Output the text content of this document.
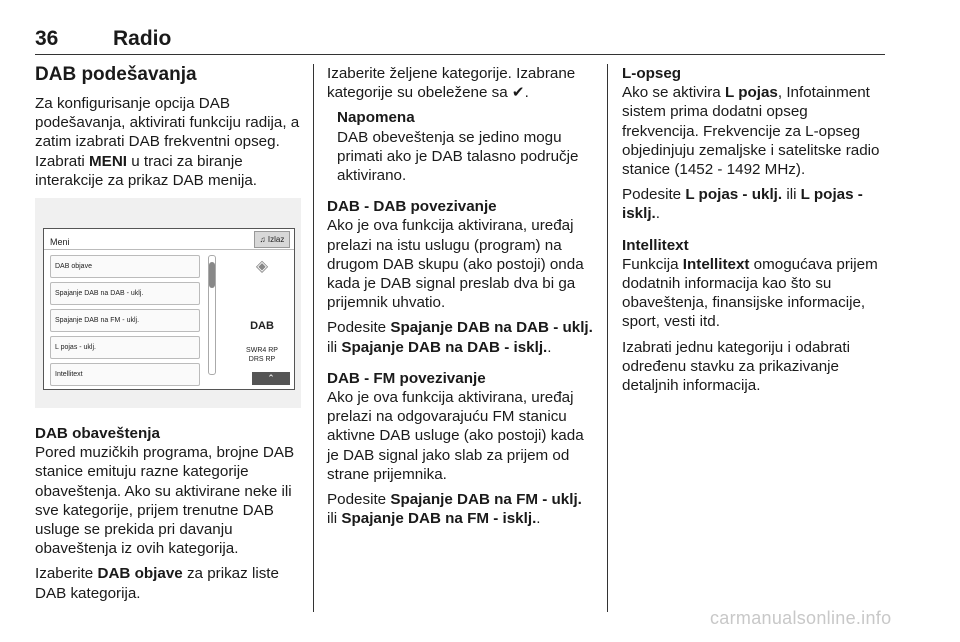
36	Radio
DAB podešavanja

Za konfigurisanje opcija DAB podešavanja, aktivirati funkciju radija, a zatim izabrati DAB frekventni opseg. Izabrati MENI u traci za biranje interakcije za prikaz DAB menija.

Meni	♫ Izlaz
DAB objave
Spajanje DAB na DAB - uklj.
Spajanje DAB na FM - uklj.
L pojas - uklj.
Intellitext
◈
DAB
SWR4 RP
DRS RP
⌃
DAB obaveštenja

Pored muzičkih programa, brojne DAB stanice emituju razne kategorije obaveštenja. Ako su aktivirane neke ili sve kategorije, prijem trenutne DAB usluge se prekida pri davanju obaveštenja iz ovih kategorija.

Izaberite DAB objave za prikaz liste DAB kategorija.

Izaberite željene kategorije. Izabrane kategorije su obeležene sa ✔.

Napomena
DAB obeveštenja se jedino mogu primati ako je DAB talasno područje aktivirano.
DAB - DAB povezivanje

Ako je ova funkcija aktivirana, uređaj prelazi na istu uslugu (program) na drugom DAB skupu (ako postoji) onda kada je DAB signal preslab dva bi ga prijemnik uhvatio.

Podesite Spajanje DAB na DAB - uklj. ili Spajanje DAB na DAB - isklj..

DAB - FM povezivanje

Ako je ova funkcija aktivirana, uređaj prelazi na odgovarajuću FM stanicu aktivne DAB usluge (ako postoji) kada je DAB signal jako slab za prijem od strane prijemnika.

Podesite Spajanje DAB na FM - uklj. ili Spajanje DAB na FM - isklj..

L-opseg

Ako se aktivira L pojas, Infotainment sistem prima dodatni opseg frekvencija. Frekvencije za L-opseg objedinjuju zemaljske i satelitske radio stanice (1452 - 1492 MHz).

Podesite L pojas - uklj. ili L pojas - isklj..

Intellitext

Funkcija Intellitext omogućava prijem dodatnih informacija kao što su obaveštenja, finansijske informacije, sport, vesti itd.

Izabrati jednu kategoriju i odabrati određenu stavku za prikazivanje detaljnih informacija.

carmanualsonline.info
